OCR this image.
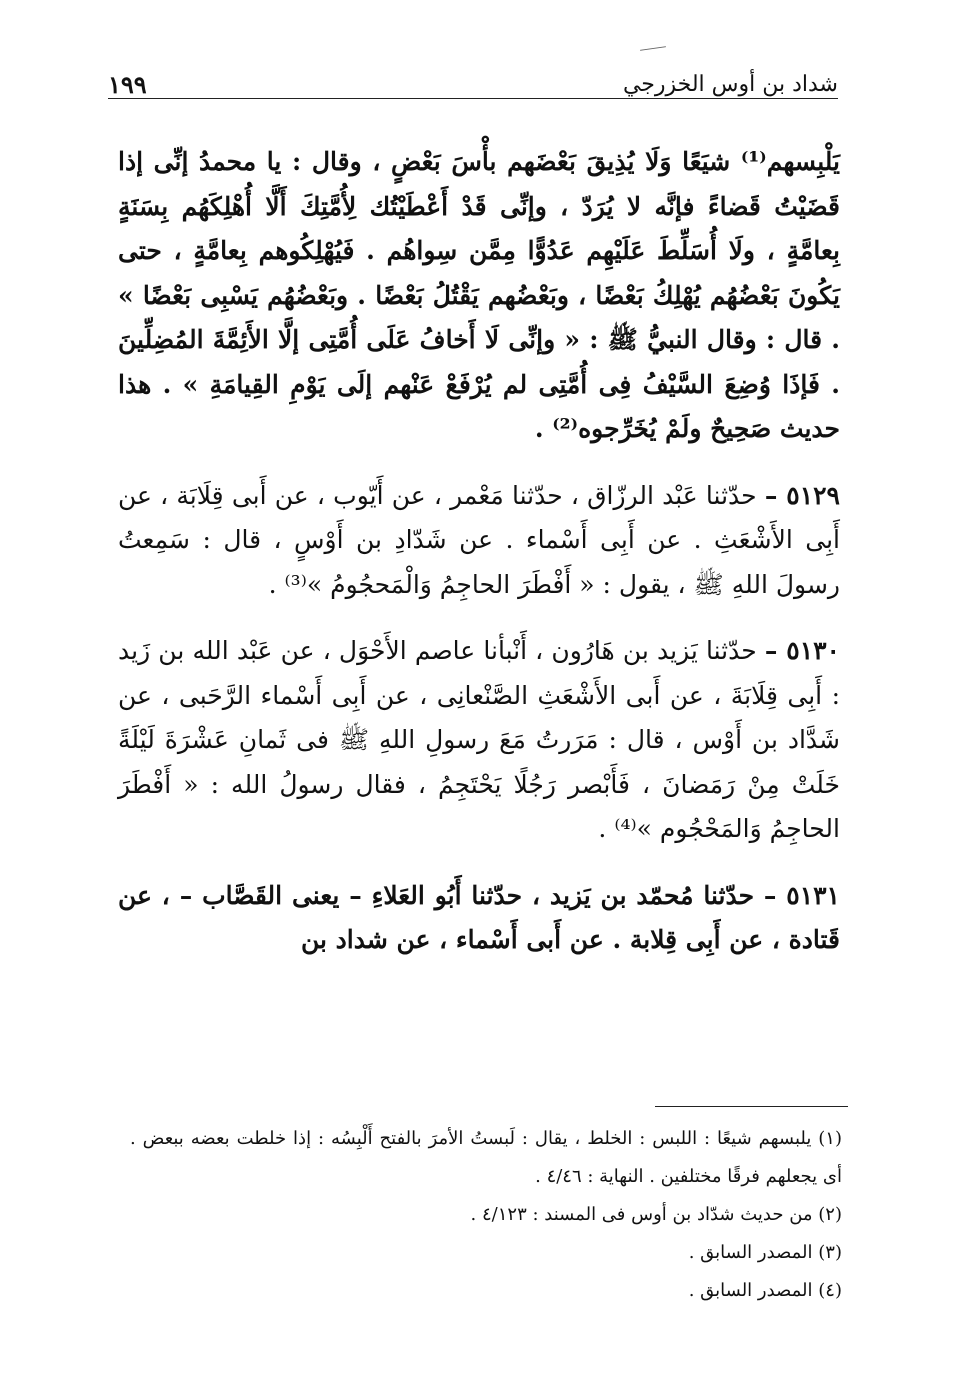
شداد بن أوس الخزرجي
١٩٩

يَلْبِسهم⁽¹⁾ شيَعًا وَلَا يُذِيقَ بَعْضَهم بأْسَ بَعْضٍ ، وقال : يا محمدُ إنِّى إذا قَضَيْتُ قَضاءً فإنَّه لا يُرَدّ ، وإنِّى قَدْ أَعْطَيْتُك لِأُمَّتِكَ أَلَّا أُهْلِكَهُم بِسَنَةٍ بِعامَّةٍ ، ولَا أُسَلِّطَ عَلَيْهِم عَدُوًّا مِمَّن سِواهُم . فَيُهْلِكُوهم بِعامَّةٍ ، حتى يَكُونَ بَعْضُهُم يُهْلِكُ بَعْضًا ، وبَعْضُهم يَقْتُلُ بَعْضًا . وبَعْضُهُم يَسْبِى بَعْضًا » . قال : وقال النبيُّ ﷺ : « وإنِّى لَا أَخافُ عَلَى أُمَّتِى إلَّا الأَئِمَّةَ المُضِلِّينَ . فَإذَا وُضِعَ السَّيْفُ فِى أُمَّتِى لم يُرْفَعْ عَنْهم إلَى يَوْمِ القِيامَةِ » . هذا حديث صَحِيحٌ ولَمْ يُخَرِّجوه⁽²⁾ .

٥١٢٩ – حدّثنا عَبْد الرزّاق ، حدّثنا مَعْمر ، عن أَيّوب ، عن أَبى قِلَابَة ، عن أَبِى الأَشْعَثِ . عن أَبِى أَسْماء . عن شَدّادِ بن أَوْسٍ ، قال : سَمِعتُ رسولَ اللهِ ﷺ ، يقول : « أَفْطَرَ الحاجِمُ وَالْمَحجُومُ »⁽³⁾ .

٥١٣٠ – حدّثنا يَزيد بن هَارُون ، أَنْبأنا عاصم الأَحْوَل ، عن عَبْد الله بن زَيد : أَبِى قِلَابَةَ ، عن أَبى الأَشْعَثِ الصَّنْعانِى ، عن أَبِى أَسْماء الرَّحَبى ، عن شَدَّاد بن أَوْس ، قال : مَرَرتُ مَعَ رسولِ اللهِ ﷺ فى ثَمانِ عَشْرَةَ لَيْلَةً خَلَتْ مِنْ رَمَضانَ ، فَأَبْصر رَجُلًا يَحْتَجِمُ ، فقال رسولُ الله : « أَفْطَرَ الحاجِمُ وَالمَحْجُوم »⁽⁴⁾ .

٥١٣١ – حدّثنا مُحمّد بن يَزيد ، حدّثنا أَبُو العَلاءِ – يعنى القَصَّاب – ، عن قَتادة ، عن أَبِى قِلابة . عن أَبى أَسْماء ، عن شداد بن

(١) يلبسهم شيعًا : اللبس : الخلط ، يقال : لَبستُ الأمرَ بالفتح أَلْبِسُه : إذا خلطت بعضه ببعض . أى يجعلهم فرقًا مختلفين . النهاية : ٤/٤٦ .

(٢) من حديث شدّاد بن أوس فى المسند : ٤/١٢٣ .

(٣) المصدر السابق .

(٤) المصدر السابق .
